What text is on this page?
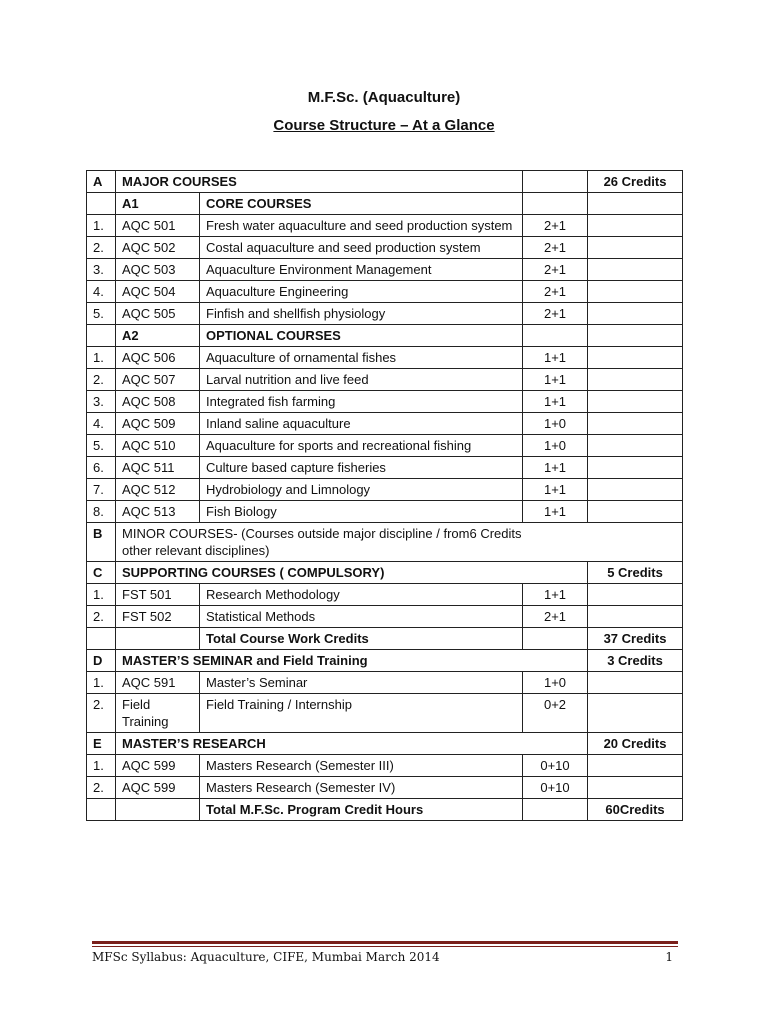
M.F.Sc. (Aquaculture)
Course Structure – At a Glance
A	MAJOR COURSES			26 Credits
	A1	CORE COURSES		
1.	AQC 501	Fresh water aquaculture and seed production system	2+1	
2.	AQC 502	Costal aquaculture and seed production system	2+1	
3.	AQC 503	Aquaculture Environment Management	2+1	
4.	AQC 504	Aquaculture Engineering	2+1	
5.	AQC 505	Finfish and shellfish physiology	2+1	
	A2	OPTIONAL COURSES		
1.	AQC 506	Aquaculture of ornamental fishes	1+1	
2.	AQC 507	Larval nutrition and live feed	1+1	
3.	AQC 508	Integrated fish farming	1+1	
4.	AQC 509	Inland saline aquaculture	1+0	
5.	AQC 510	Aquaculture for sports and recreational fishing	1+0	
6.	AQC 511	Culture based capture fisheries	1+1	
7.	AQC 512	Hydrobiology and Limnology	1+1	
8.	AQC 513	Fish Biology	1+1	
B	MINOR COURSES- (Courses outside major discipline / from6 Credits
other relevant disciplines)			
C	SUPPORTING COURSES ( COMPULSORY)			5 Credits
1.	FST 501	Research Methodology	1+1	
2.	FST 502	Statistical Methods	2+1	
		Total Course Work Credits		37 Credits
D	MASTER’S SEMINAR and Field Training			3 Credits
1.	AQC 591	Master’s Seminar	1+0	
2.	Field Training	Field Training / Internship	0+2	
E	MASTER’S RESEARCH			20 Credits
1.	AQC 599	Masters Research (Semester III)	0+10	
2.	AQC 599	Masters Research (Semester IV)	0+10	
		Total M.F.Sc. Program Credit Hours		60Credits
MFSc Syllabus: Aquaculture, CIFE, Mumbai March 2014	1
